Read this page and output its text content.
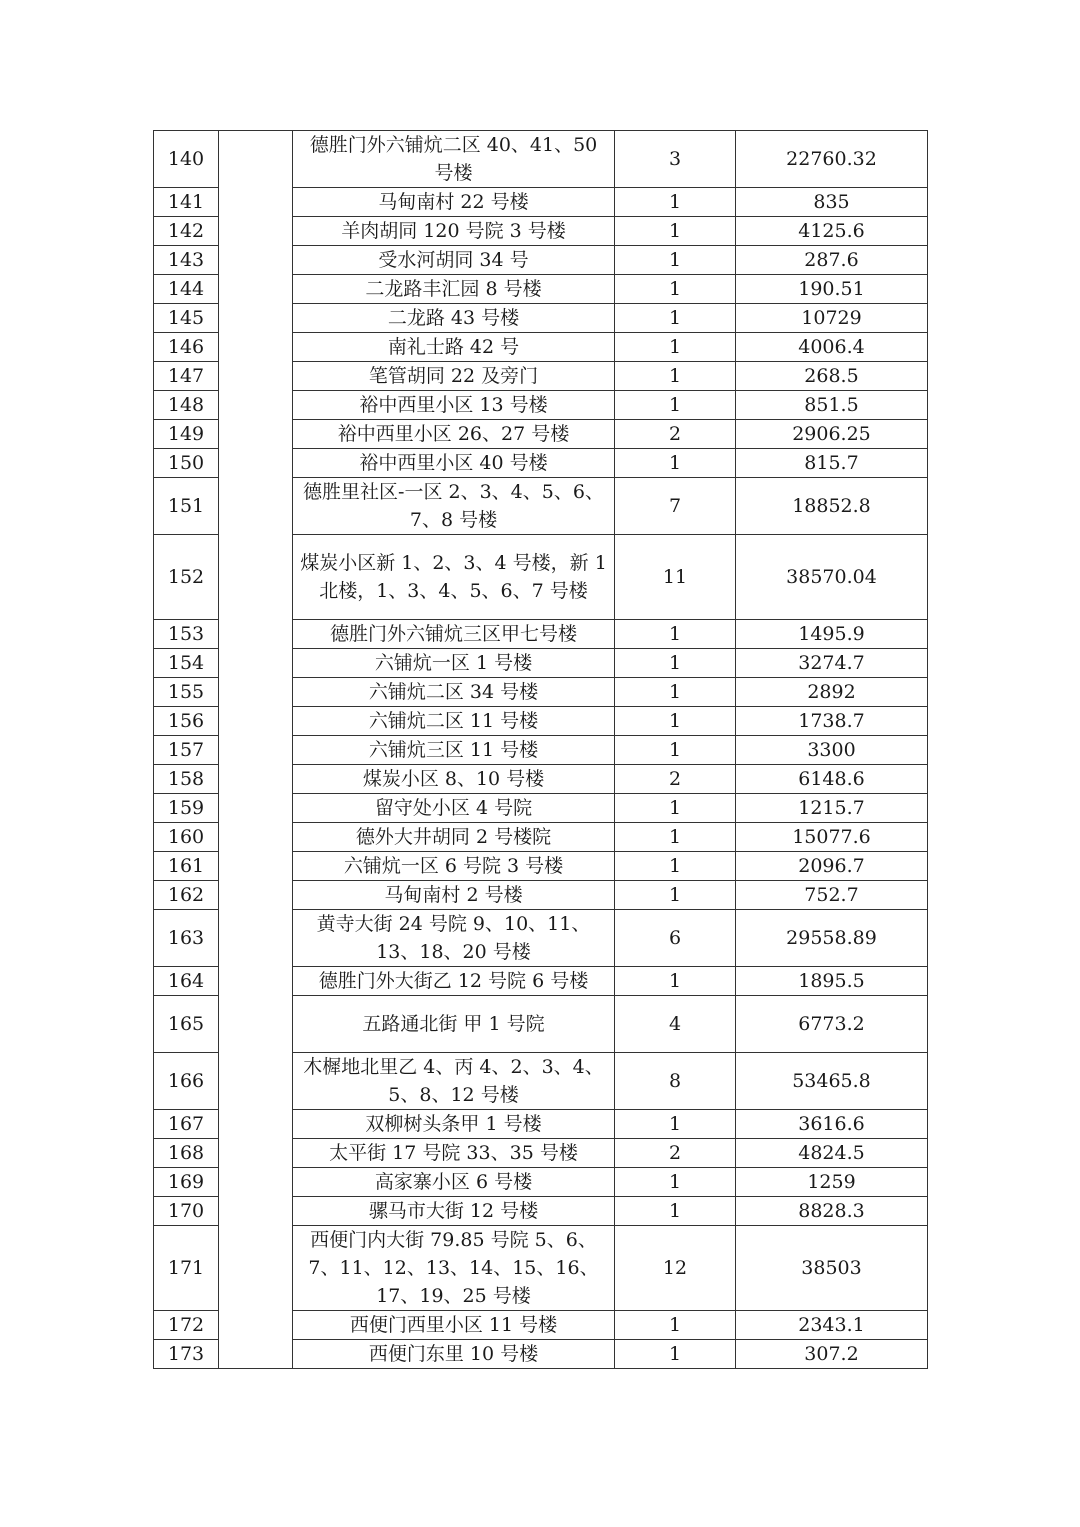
140		德胜门外六铺炕二区 40、41、50 号楼	3	22760.32
141		马甸南村 22 号楼	1	835
142		羊肉胡同 120 号院 3 号楼	1	4125.6
143		受水河胡同 34 号	1	287.6
144		二龙路丰汇园 8 号楼	1	190.51
145		二龙路 43 号楼	1	10729
146		南礼士路 42 号	1	4006.4
147		笔管胡同 22 及旁门	1	268.5
148		裕中西里小区 13 号楼	1	851.5
149		裕中西里小区 26、27 号楼	2	2906.25
150		裕中西里小区 40 号楼	1	815.7
151		德胜里社区-一区 2、3、4、5、6、7、8 号楼	7	18852.8
152		煤炭小区新 1、2、3、4 号楼，新 1 北楼，1、3、4、5、6、7 号楼	11	38570.04
153		德胜门外六铺炕三区甲七号楼	1	1495.9
154		六铺炕一区 1 号楼	1	3274.7
155		六铺炕二区 34 号楼	1	2892
156		六铺炕二区 11 号楼	1	1738.7
157		六铺炕三区 11 号楼	1	3300
158		煤炭小区 8、10 号楼	2	6148.6
159		留守处小区 4 号院	1	1215.7
160		德外大井胡同 2 号楼院	1	15077.6
161		六铺炕一区 6 号院 3 号楼	1	2096.7
162		马甸南村 2 号楼	1	752.7
163		黄寺大街 24 号院 9、10、11、13、18、20 号楼	6	29558.89
164		德胜门外大街乙 12 号院 6 号楼	1	1895.5
165		五路通北街 甲 1 号院	4	6773.2
166		木樨地北里乙 4、丙 4、2、3、4、5、8、12 号楼	8	53465.8
167		双柳树头条甲 1 号楼	1	3616.6
168		太平街 17 号院 33、35 号楼	2	4824.5
169		高家寨小区 6 号楼	1	1259
170		骡马市大街 12 号楼	1	8828.3
171		西便门内大街 79.85 号院 5、6、7、11、12、13、14、15、16、17、19、25 号楼	12	38503
172		西便门西里小区 11 号楼	1	2343.1
173		西便门东里 10 号楼	1	307.2
